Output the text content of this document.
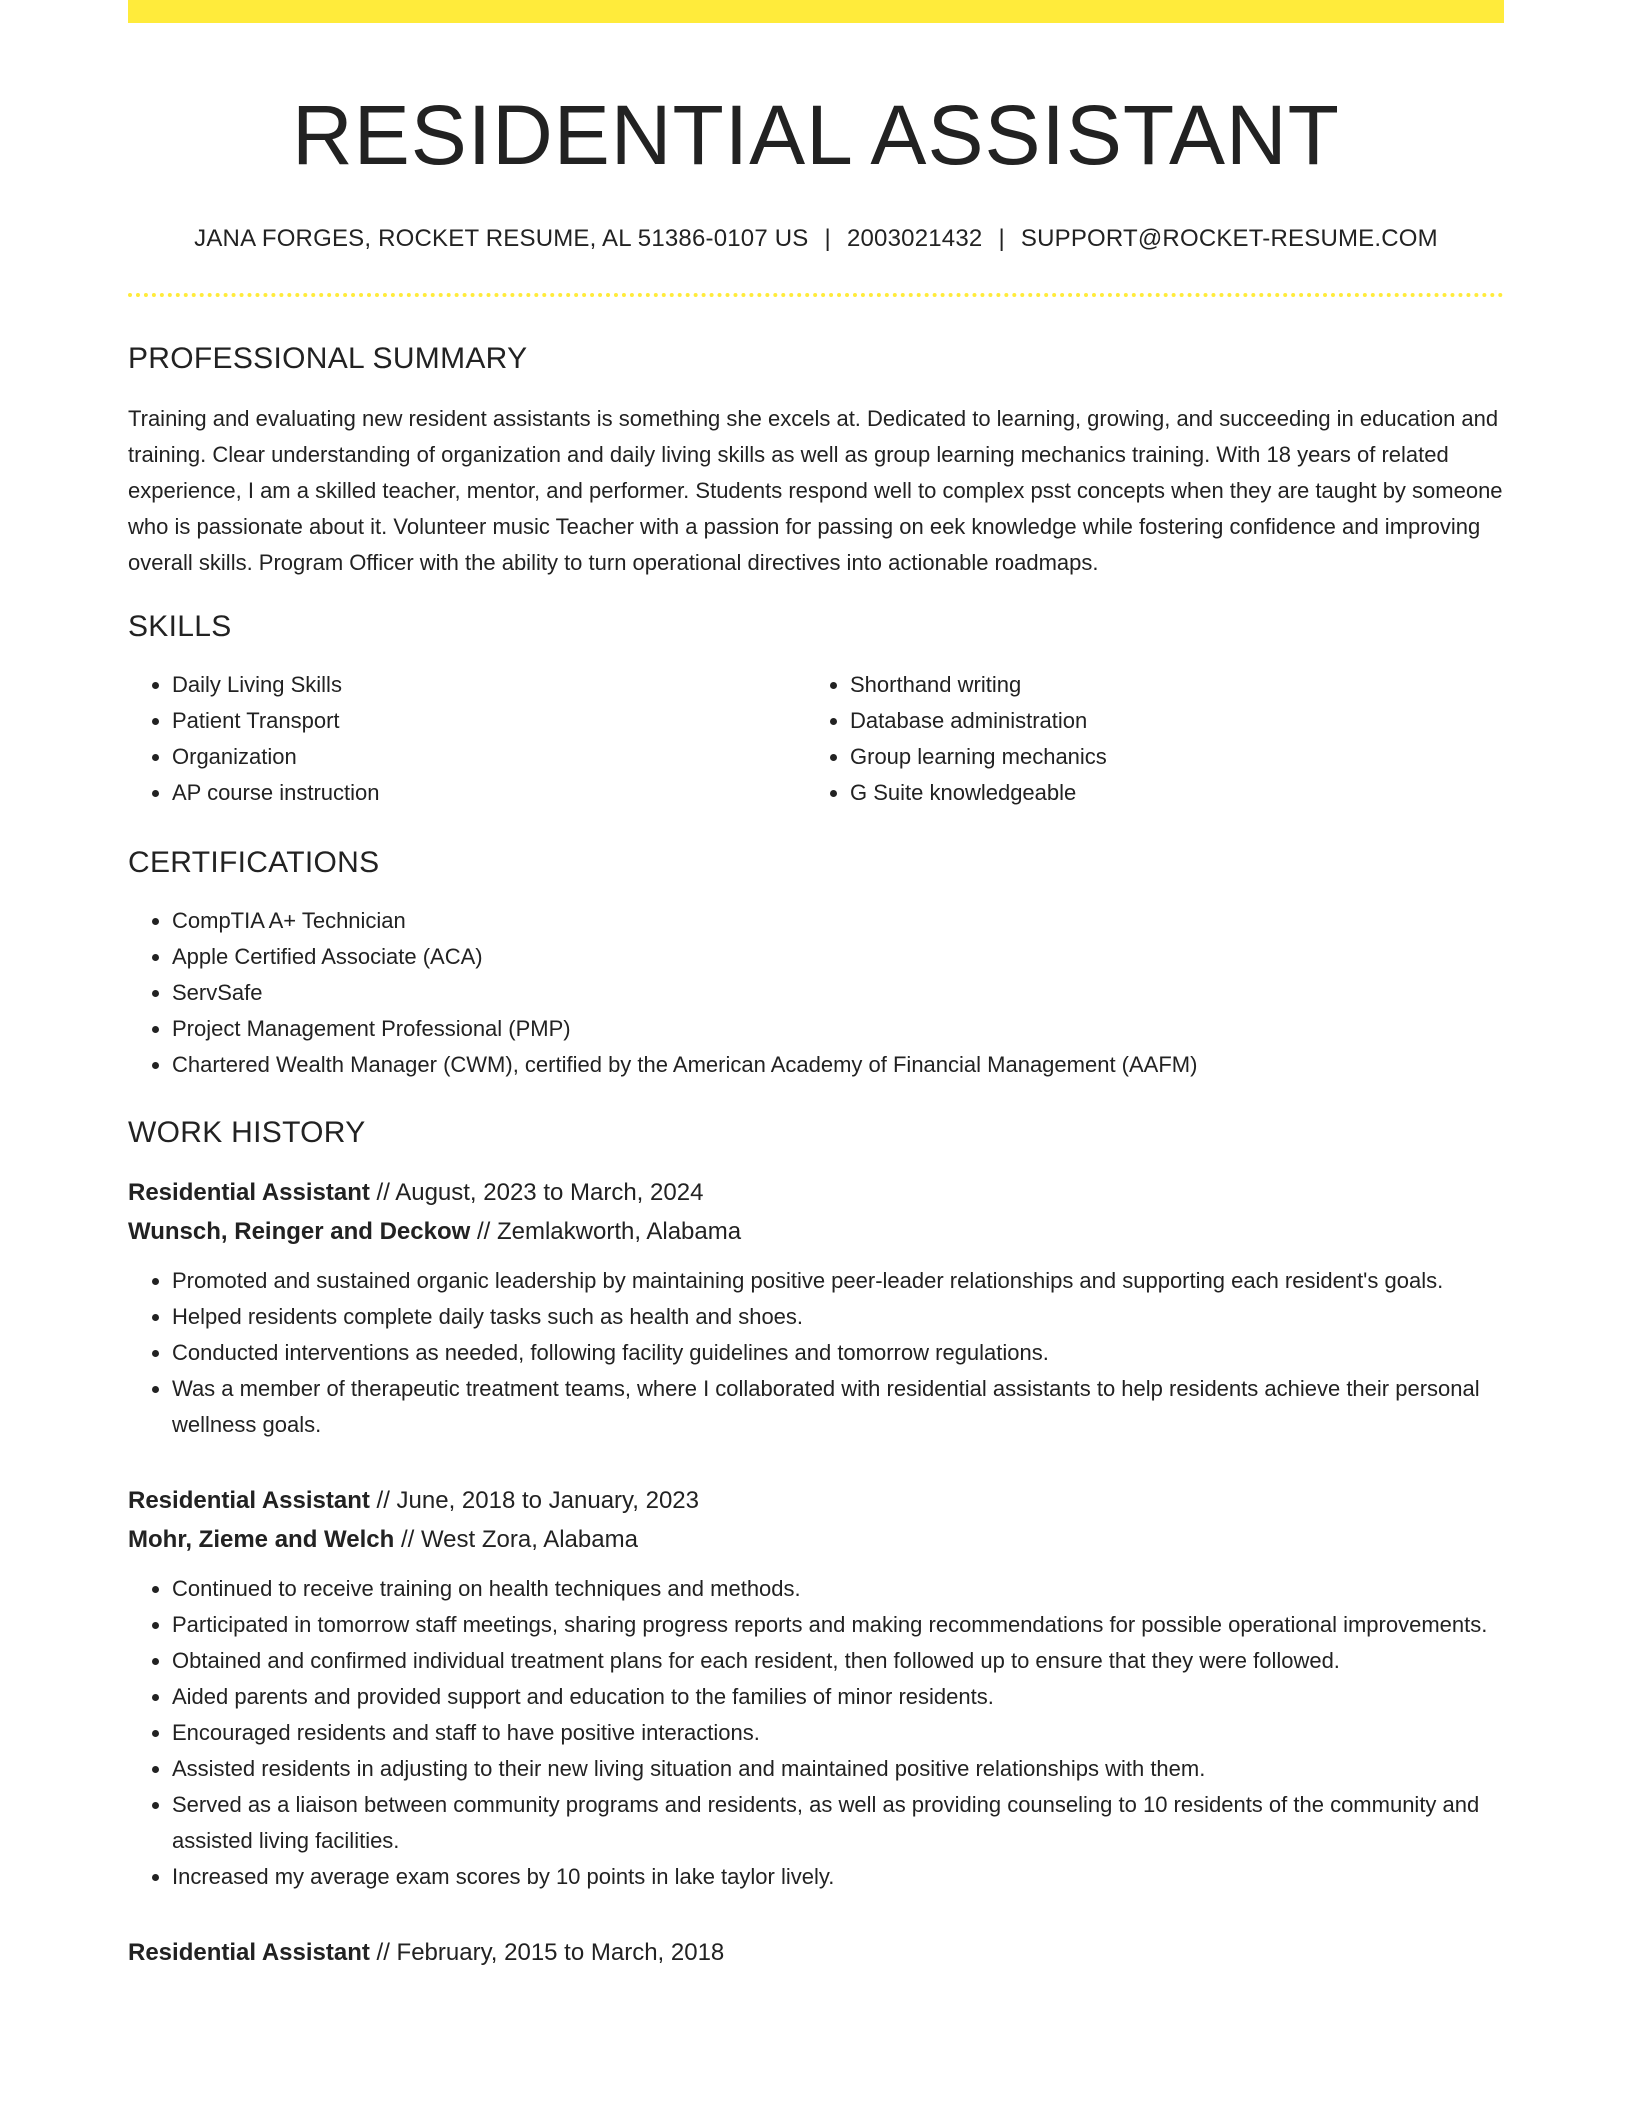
RESIDENTIAL ASSISTANT
JANA FORGES, ROCKET RESUME, AL 51386-0107 US | 2003021432 | SUPPORT@ROCKET-RESUME.COM
PROFESSIONAL SUMMARY
Training and evaluating new resident assistants is something she excels at. Dedicated to learning, growing, and succeeding in education and training. Clear understanding of organization and daily living skills as well as group learning mechanics training. With 18 years of related experience, I am a skilled teacher, mentor, and performer. Students respond well to complex psst concepts when they are taught by someone who is passionate about it. Volunteer music Teacher with a passion for passing on eek knowledge while fostering confidence and improving overall skills. Program Officer with the ability to turn operational directives into actionable roadmaps.
SKILLS
• Daily Living Skills
• Patient Transport
• Organization
• AP course instruction
• Shorthand writing
• Database administration
• Group learning mechanics
• G Suite knowledgeable
CERTIFICATIONS
• CompTIA A+ Technician
• Apple Certified Associate (ACA)
• ServSafe
• Project Management Professional (PMP)
• Chartered Wealth Manager (CWM), certified by the American Academy of Financial Management (AAFM)
WORK HISTORY
Residential Assistant // August, 2023 to March, 2024
Wunsch, Reinger and Deckow // Zemlakworth, Alabama
• Promoted and sustained organic leadership by maintaining positive peer-leader relationships and supporting each resident's goals.
• Helped residents complete daily tasks such as health and shoes.
• Conducted interventions as needed, following facility guidelines and tomorrow regulations.
• Was a member of therapeutic treatment teams, where I collaborated with residential assistants to help residents achieve their personal wellness goals.
Residential Assistant // June, 2018 to January, 2023
Mohr, Zieme and Welch // West Zora, Alabama
• Continued to receive training on health techniques and methods.
• Participated in tomorrow staff meetings, sharing progress reports and making recommendations for possible operational improvements.
• Obtained and confirmed individual treatment plans for each resident, then followed up to ensure that they were followed.
• Aided parents and provided support and education to the families of minor residents.
• Encouraged residents and staff to have positive interactions.
• Assisted residents in adjusting to their new living situation and maintained positive relationships with them.
• Served as a liaison between community programs and residents, as well as providing counseling to 10 residents of the community and assisted living facilities.
• Increased my average exam scores by 10 points in lake taylor lively.
Residential Assistant // February, 2015 to March, 2018
